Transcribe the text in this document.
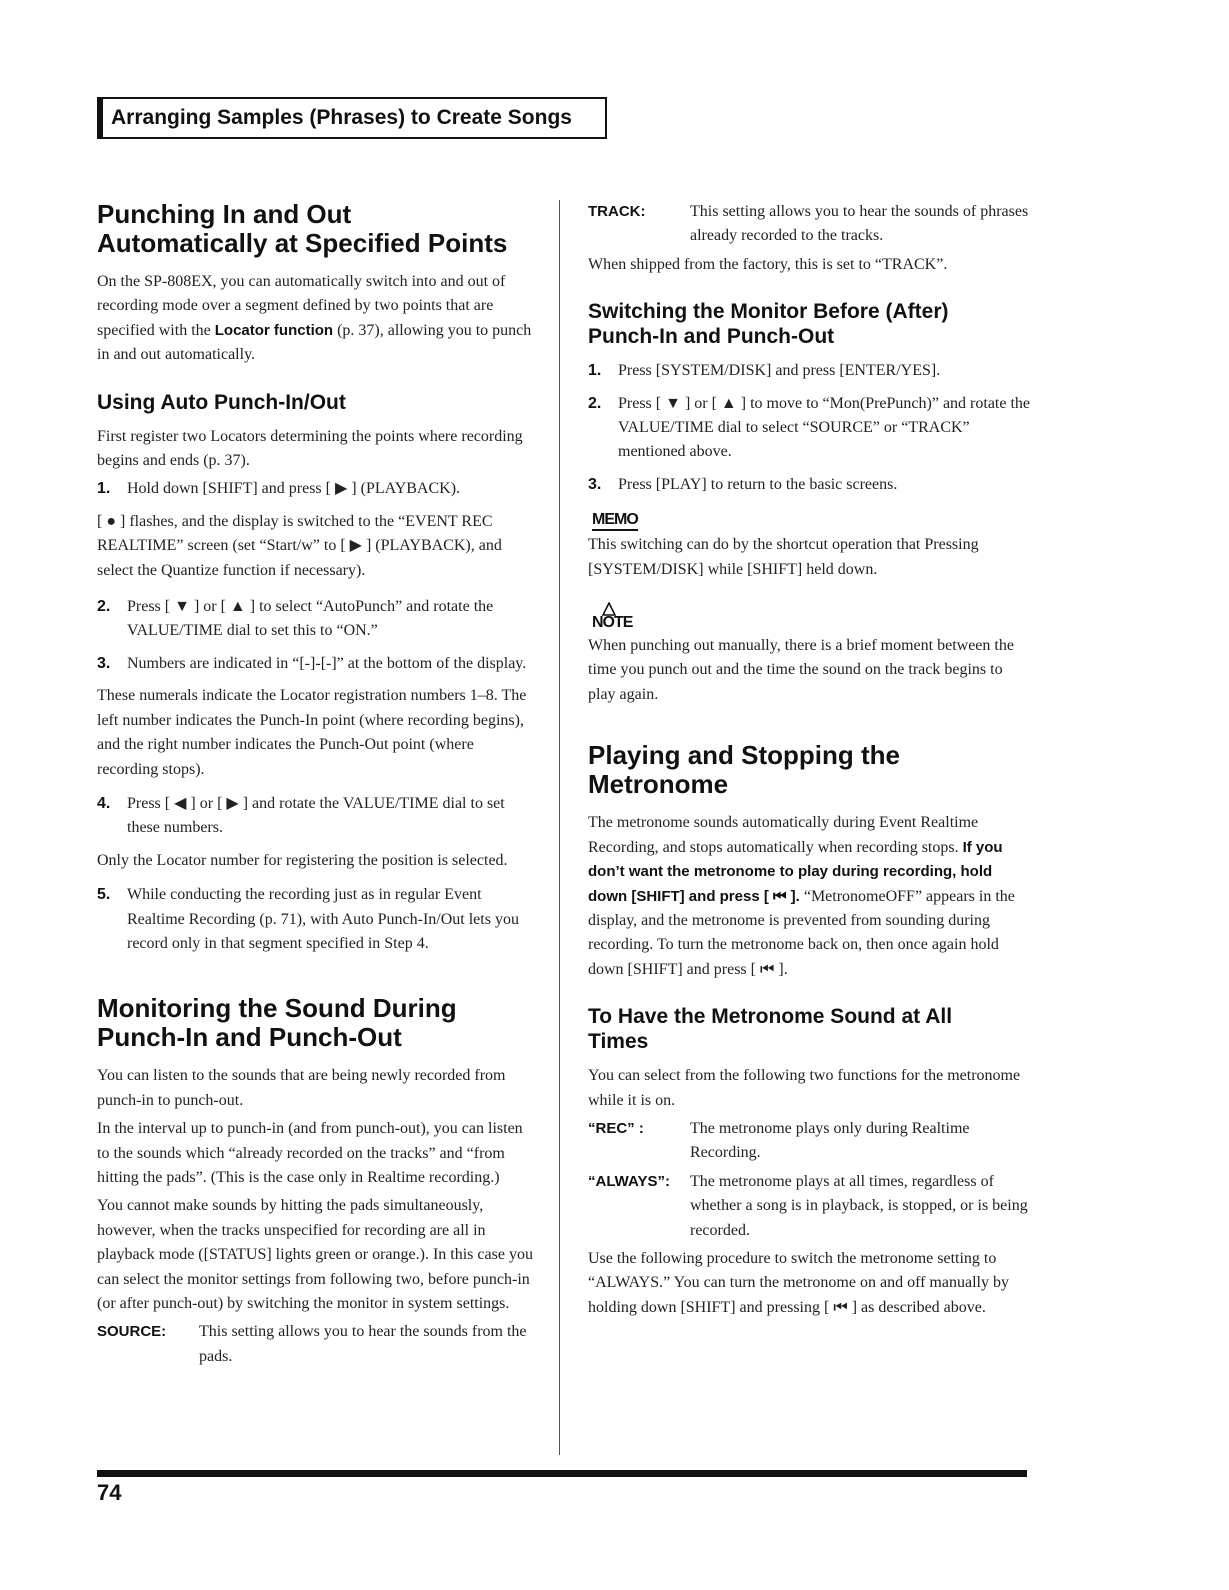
Arranging Samples (Phrases) to Create Songs
Punching In and Out
Automatically at Specified Points

On the SP-808EX, you can automatically switch into and out of recording mode over a segment defined by two points that are specified with the Locator function (p. 37), allowing you to punch in and out automatically.

Using Auto Punch-In/Out

First register two Locators determining the points where recording begins and ends (p. 37).

1.	Hold down [SHIFT] and press [ ▶ ] (PLAYBACK).

[ ● ] flashes, and the display is switched to the “EVENT REC REALTIME” screen (set “Start/w” to [ ▶ ] (PLAYBACK), and select the Quantize function if necessary).

2.	Press [ ▼ ] or [ ▲ ] to select “AutoPunch” and rotate the VALUE/TIME dial to set this to “ON.”
3.	Numbers are indicated in “[-]-[-]” at the bottom of the display.

These numerals indicate the Locator registration numbers 1–8. The left number indicates the Punch-In point (where recording begins), and the right number indicates the Punch-Out point (where recording stops).

4.	Press [ ◀ ] or [ ▶ ] and rotate the VALUE/TIME dial to set these numbers.

Only the Locator number for registering the position is selected.

5.	While conducting the recording just as in regular Event Realtime Recording (p. 71), with Auto Punch-In/Out lets you record only in that segment specified in Step 4.
Monitoring the Sound During
Punch-In and Punch-Out

You can listen to the sounds that are being newly recorded from punch-in to punch-out.

In the interval up to punch-in (and from punch-out), you can listen to the sounds which “already recorded on the tracks” and “from hitting the pads”. (This is the case only in Realtime recording.)

You cannot make sounds by hitting the pads simultaneously, however, when the tracks unspecified for recording are all in playback mode ([STATUS] lights green or orange.). In this case you can select the monitor settings from following two, before punch-in (or after punch-out) by switching the monitor in system settings.

SOURCE:	This setting allows you to hear the sounds from the pads.
TRACK:	This setting allows you to hear the sounds of phrases already recorded to the tracks.

When shipped from the factory, this is set to “TRACK”.

Switching the Monitor Before (After)
Punch-In and Punch-Out
1.	Press [SYSTEM/DISK] and press [ENTER/YES].
2.	Press [ ▼ ] or [ ▲ ] to move to “Mon(PrePunch)” and rotate the VALUE/TIME dial to select “SOURCE” or “TRACK” mentioned above.
3.	Press [PLAY] to return to the basic screens.
MEMO

This switching can do by the shortcut operation that Pressing [SYSTEM/DISK] while [SHIFT] held down.

NOTE

When punching out manually, there is a brief moment between the time you punch out and the time the sound on the track begins to play again.

Playing and Stopping the
Metronome

The metronome sounds automatically during Event Realtime Recording, and stops automatically when recording stops. If you don’t want the metronome to play during recording, hold down [SHIFT] and press [ ⏮ ]. “MetronomeOFF” appears in the display, and the metronome is prevented from sounding during recording. To turn the metronome back on, then once again hold down [SHIFT] and press [ ⏮ ].

To Have the Metronome Sound at All
Times

You can select from the following two functions for the metronome while it is on.

“REC” :	The metronome plays only during Realtime Recording.
“ALWAYS”:	The metronome plays at all times, regardless of whether a song is in playback, is stopped, or is being recorded.

Use the following procedure to switch the metronome setting to “ALWAYS.” You can turn the metronome on and off manually by holding down [SHIFT] and pressing [ ⏮ ] as described above.

74
